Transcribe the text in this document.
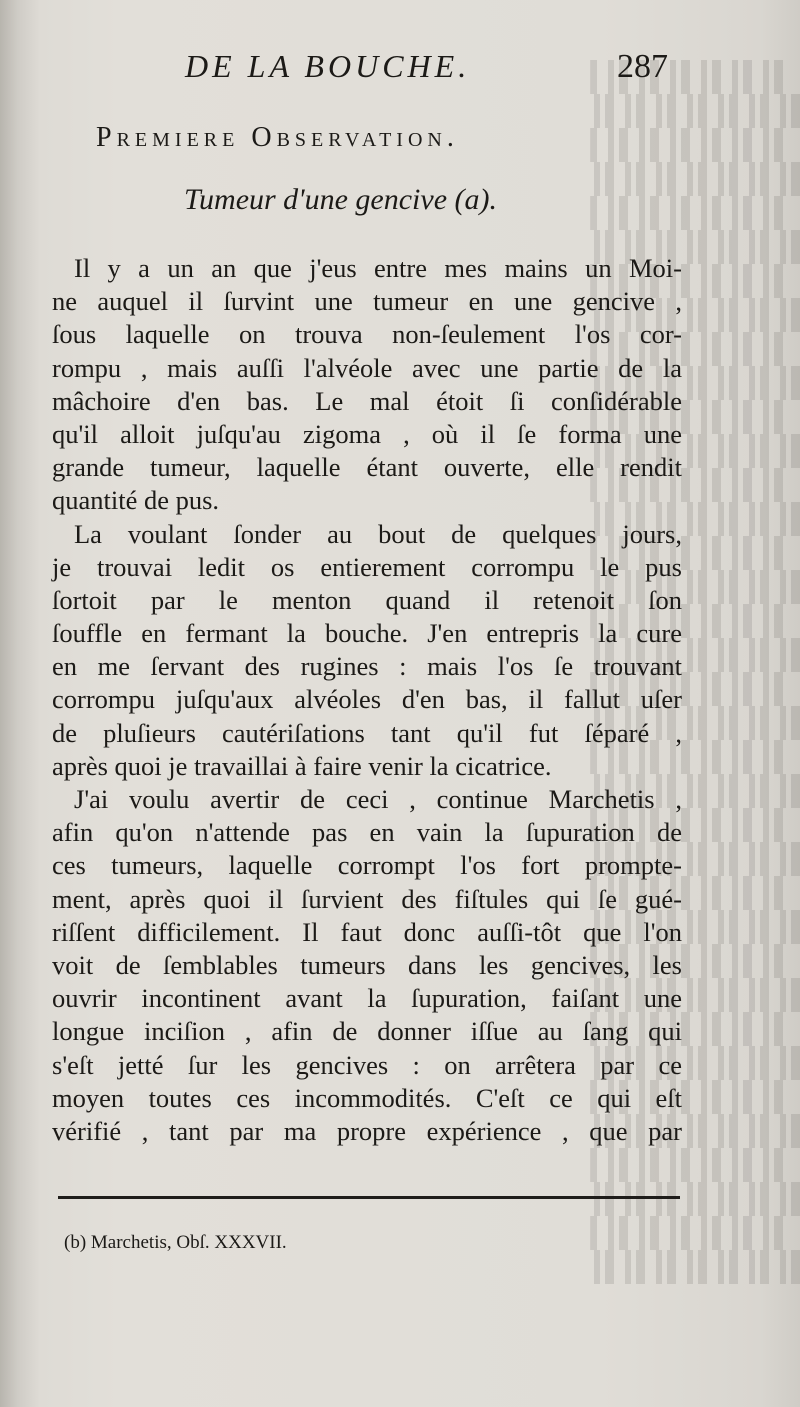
DE LA BOUCHE.	287
Premiere Observation.
Tumeur d'une gencive (a).
Il y a un an que j'eus entre mes mains un Moi-
ne auquel il ſurvint une tumeur en une gencive ,
ſous laquelle on trouva non-ſeulement l'os cor-
rompu , mais auſſi l'alvéole avec une partie de la
mâchoire d'en bas. Le mal étoit ſi conſidérable
qu'il alloit juſqu'au zigoma , où il ſe forma une
grande tumeur, laquelle étant ouverte, elle rendit
quantité de pus.
La voulant ſonder au bout de quelques jours,
je trouvai ledit os entierement corrompu le pus
ſortoit par le menton quand il retenoit ſon
ſouffle en fermant la bouche. J'en entrepris la cure
en me ſervant des rugines : mais l'os ſe trouvant
corrompu juſqu'aux alvéoles d'en bas, il fallut uſer
de pluſieurs cautériſations tant qu'il fut ſéparé ,
après quoi je travaillai à faire venir la cicatrice.
J'ai voulu avertir de ceci , continue Marchetis ,
afin qu'on n'attende pas en vain la ſupuration de
ces tumeurs, laquelle corrompt l'os fort prompte-
ment, après quoi il ſurvient des fiſtules qui ſe gué-
riſſent difficilement. Il faut donc auſſi-tôt que l'on
voit de ſemblables tumeurs dans les gencives, les
ouvrir incontinent avant la ſupuration, faiſant une
longue inciſion , afin de donner iſſue au ſang qui
s'eſt jetté ſur les gencives : on arrêtera par ce
moyen toutes ces incommodités. C'eſt ce qui eſt
vérifié , tant par ma propre expérience , que par
(b) Marchetis, Obſ. XXXVII.
